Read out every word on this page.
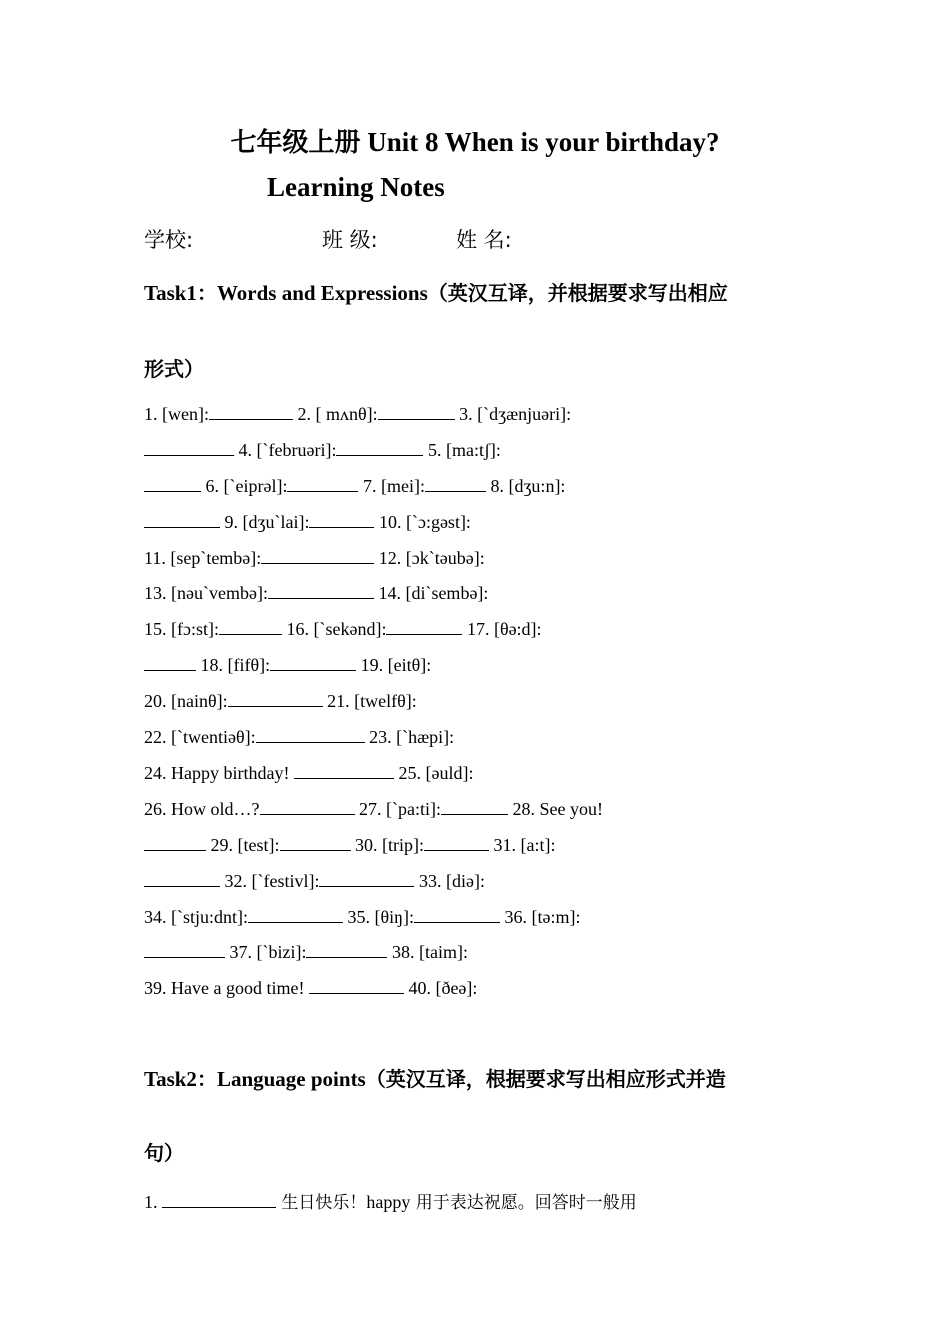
七年级上册 Unit 8 When is your birthday?
Learning Notes
学校:	班 级:	姓 名:
Task1：Words and Expressions（英汉互译，并根据要求写出相应
形式）
1. [wen]:	2. [ mʌnθ]:	3. [`dʒænjuəri]:
4. [`februəri]:	5. [ma:tʃ]:
6. [`eiprəl]:	7. [mei]:	8. [dʒu:n]:
9. [dʒu`lai]:	10. [`ɔ:gəst]:
11. [sep`tembə]:	12. [ɔk`təubə]:
13. [nəu`vembə]:	14. [di`sembə]:
15. [fɔ:st]:	16. [`sekənd]:	17. [θə:d]:
18. [fifθ]:	19. [eitθ]:
20. [nainθ]:	21. [twelfθ]:
22. [`twentiəθ]:	23. [`hæpi]:
24. Happy birthday!	25. [əuld]:
26. How old…?	27. [`pa:ti]:	28. See you!
29. [test]:	30. [trip]:	31. [a:t]:
32. [`festivl]:	33. [diə]:
34. [`stju:dnt]:	35. [θiŋ]:	36. [tə:m]:
37. [`bizi]:	38. [taim]:
39. Have a good time!	40. [ðeə]:
Task2：Language points（英汉互译，根据要求写出相应形式并造
句）
1.	生日快乐！happy 用于表达祝愿。回答时一般用
